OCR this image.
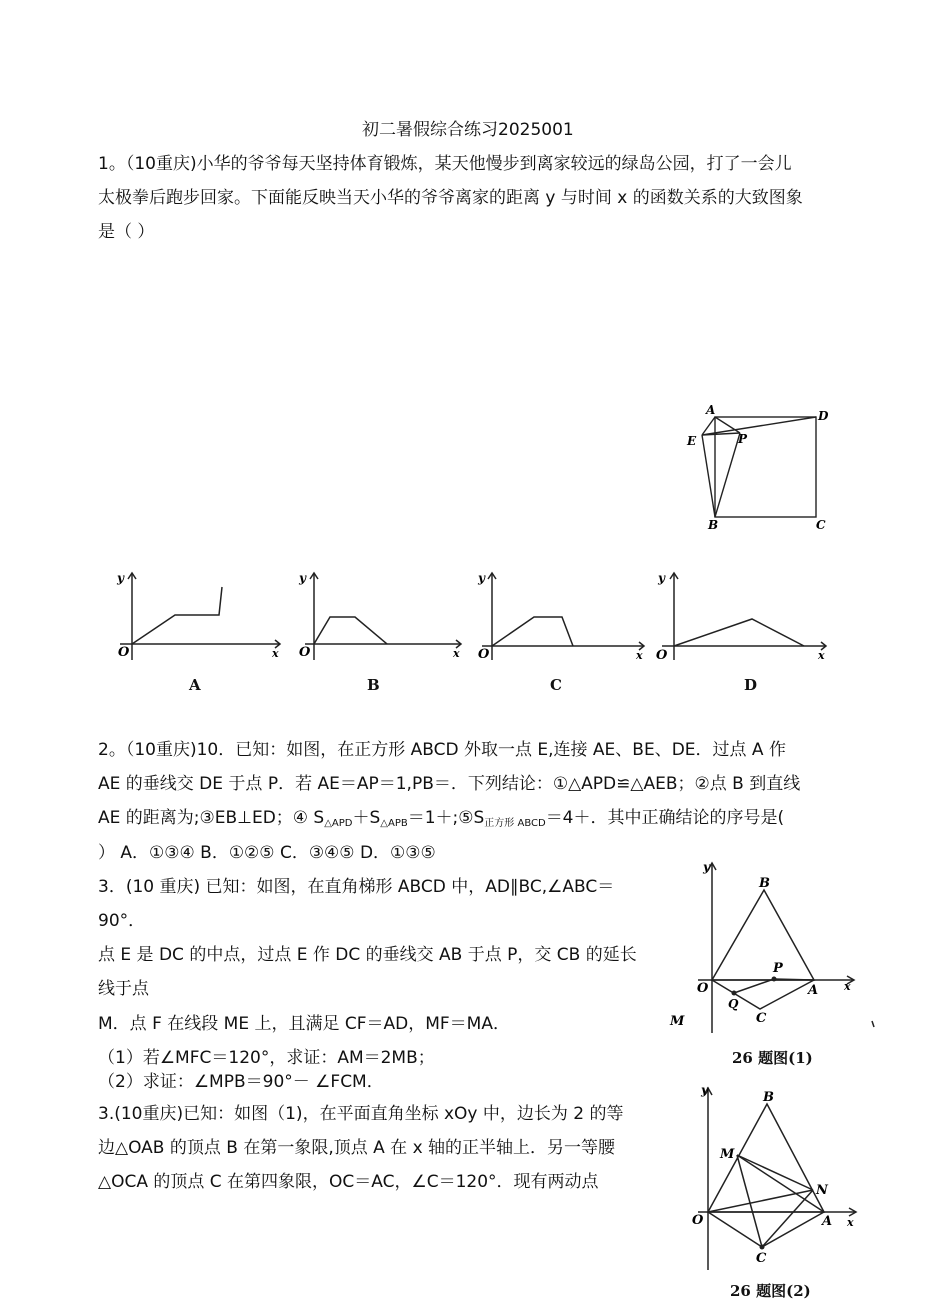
初二暑假综合练习2025001
1。（10重庆)小华的爷爷每天坚持体育锻炼，某天他慢步到离家较远的绿岛公园，打了一会儿
太极拳后跑步回家。下面能反映当天小华的爷爷离家的距离 y 与时间 x 的函数关系的大致图象
是（ ）
A	D
E	P
B	C
y
x
O
A
y
x
O
B
y
x
O
C
y
x
O
D
2。（10重庆)10．已知：如图，在正方形 ABCD 外取一点 E,连接 AE、BE、DE．过点 A 作
AE 的垂线交 DE 于点 P．若 AE＝AP＝1,PB＝．下列结论：①△APD≌△AEB；②点 B 到直线
AE 的距离为;③EB⊥ED；④ $S_{\triangle APD}+S_{\triangle APB}=1+;⑤S_{正方形 ABCD}=4+$．其中正确结论的序号是(
） A．①③④ B．①②⑤ C．③④⑤ D．①③⑤
3．(10 重庆) 已知：如图，在直角梯形 ABCD 中，AD∥BC,∠ABC＝
90°．
点 E 是 DC 的中点，过点 E 作 DC 的垂线交 AB 于点 P，交 CB 的延长
线于点
M．点 F 在线段 ME 上，且满足 CF＝AD，MF＝MA．
（1）若∠MFC＝120°，求证：AM＝2MB；
（2）求证：∠MPB＝90°－ ∠FCM．
3.(10重庆)已知：如图（1)，在平面直角坐标 xOy 中，边长为 2 的等
边△OAB 的顶点 B 在第一象限,顶点 A 在 x 轴的正半轴上．另一等腰
△OCA 的顶点 C 在第四象限，OC＝AC，∠C＝120°．现有两动点
y
B
P
O
Q
A x
C
M
26 题图(1)
y	B
M
N
O	A x
C
26 题图(2)
